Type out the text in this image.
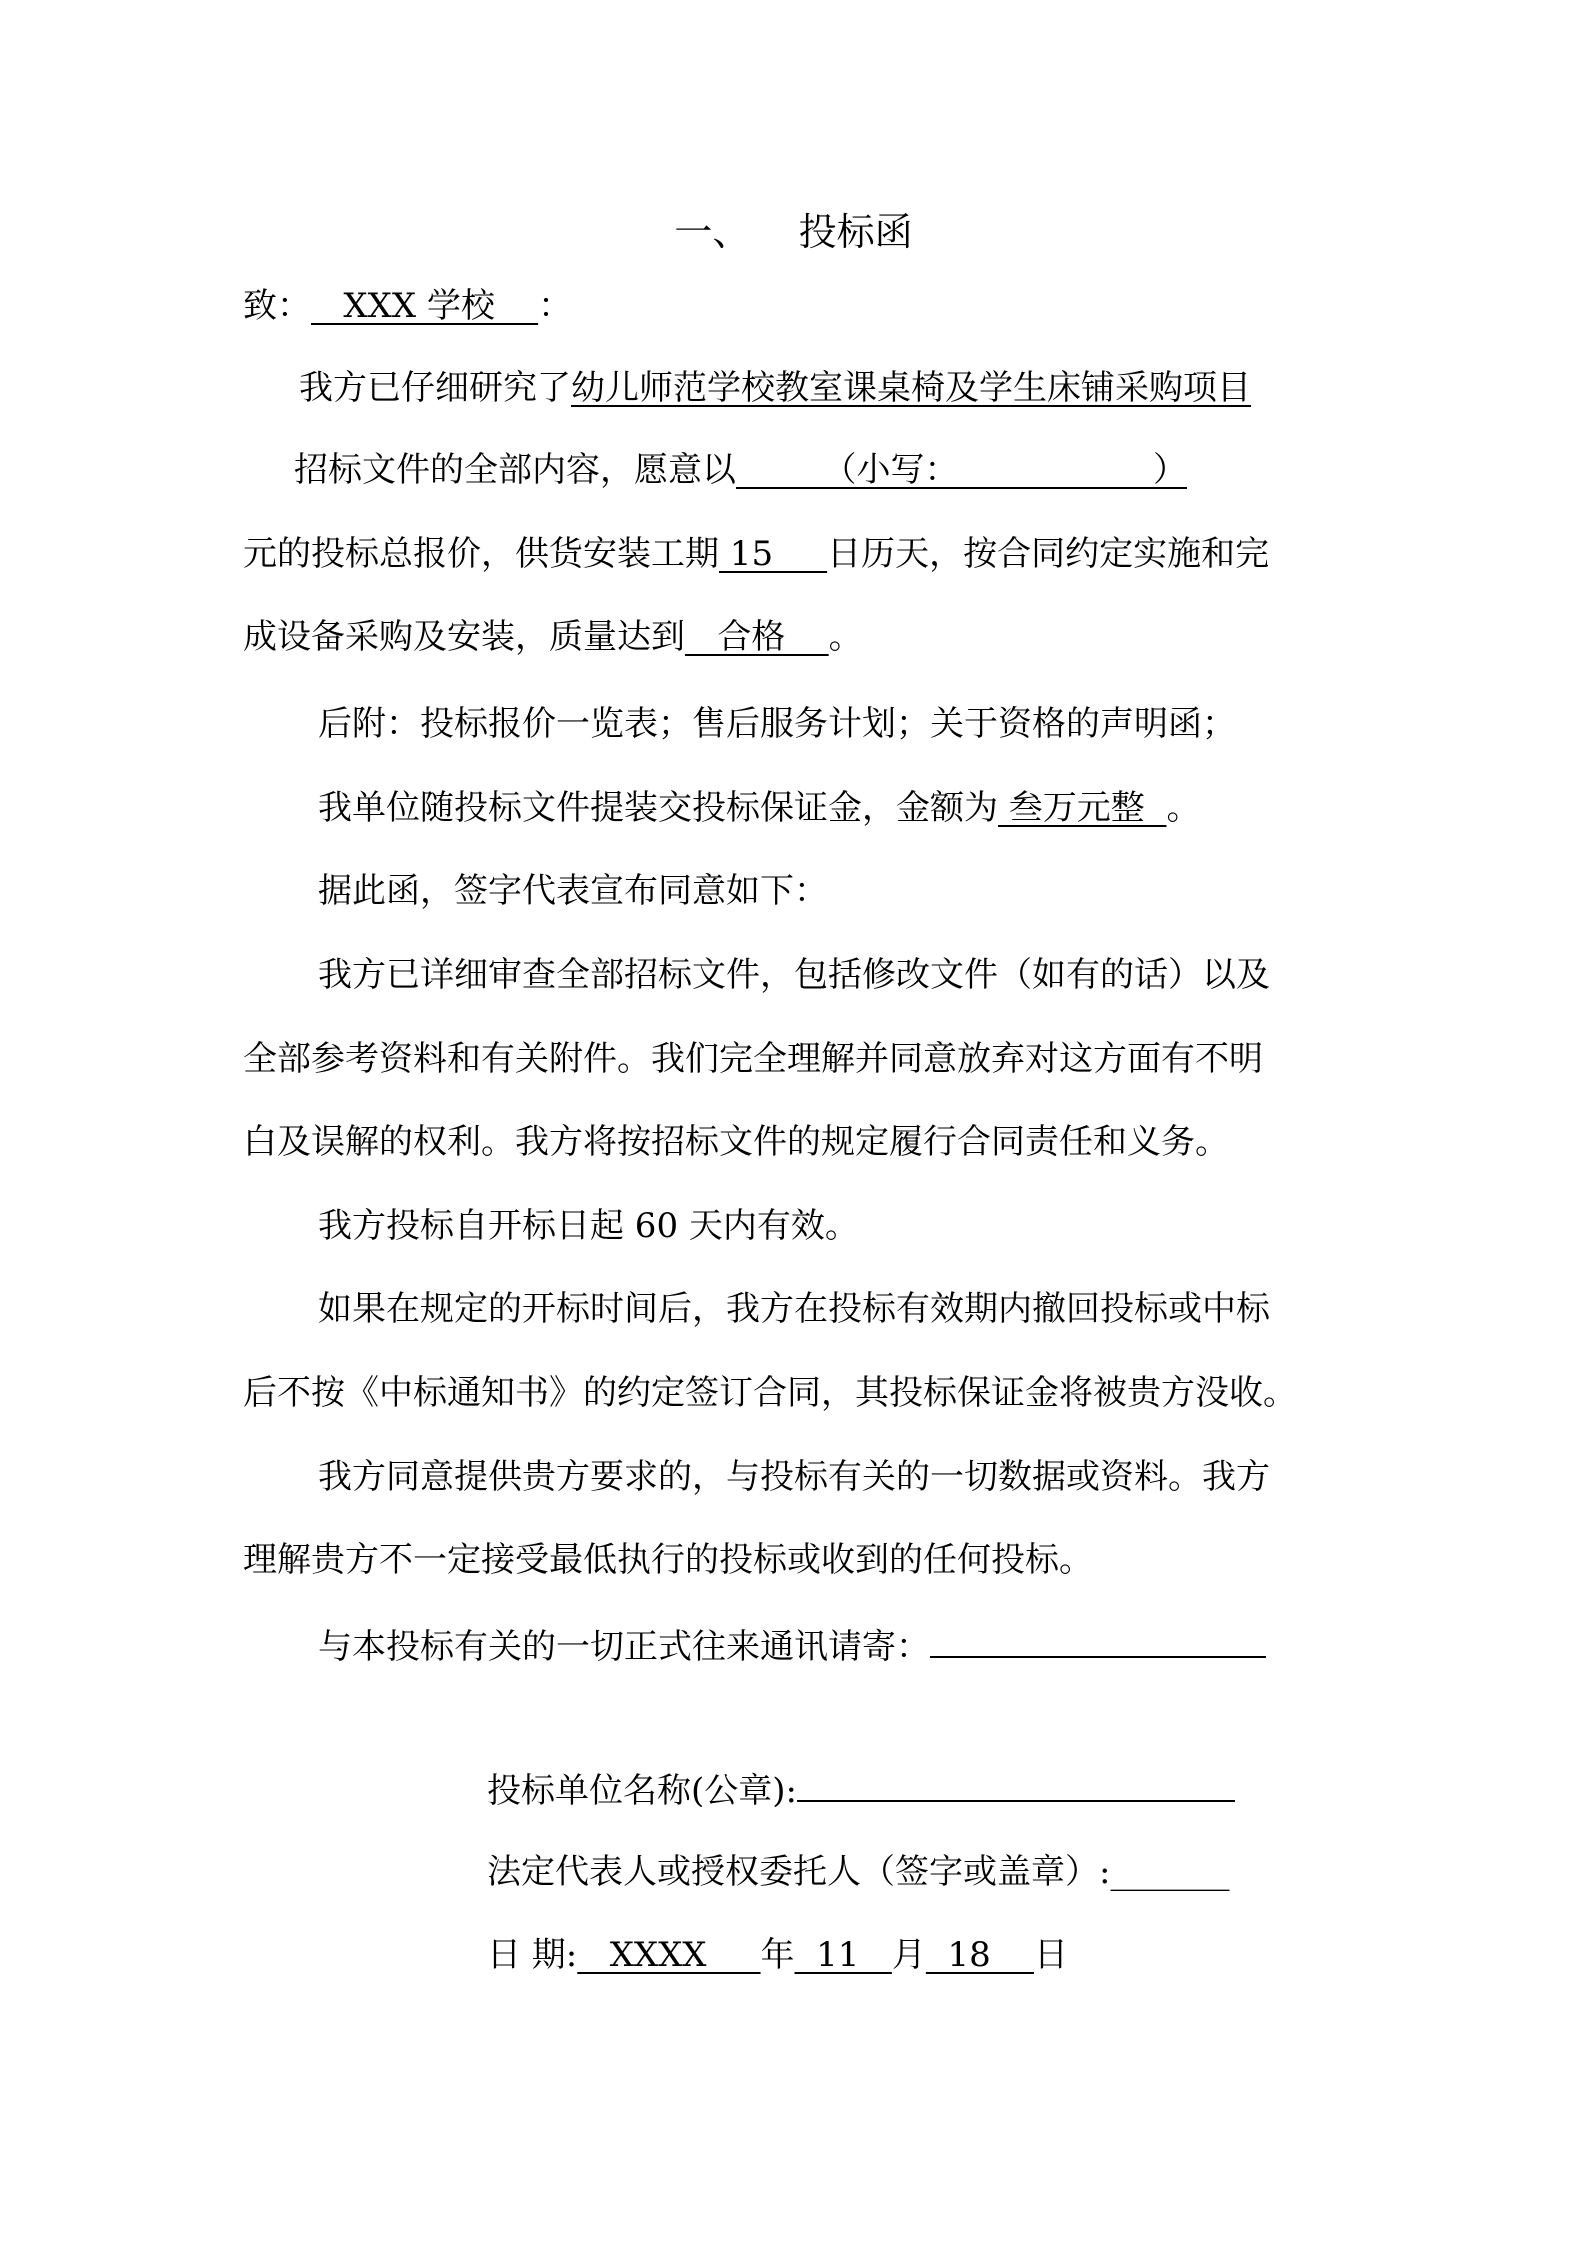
一、    投标函
致：   XXX 学校    ：
我方已仔细研究了幼儿师范学校教室课桌椅及学生床铺采购项目
招标文件的全部内容，愿意以        （小写：                  ）
元的投标总报价，供货安装工期 15     日历天，按合同约定实施和完
成设备采购及安装，质量达到   合格    。
后附：投标报价一览表；售后服务计划；关于资格的声明函；
我单位随投标文件提装交投标保证金，金额为 叁万元整  。
据此函，签字代表宣布同意如下：
我方已详细审查全部招标文件，包括修改文件（如有的话）以及
全部参考资料和有关附件。我们完全理解并同意放弃对这方面有不明
白及误解的权利。我方将按招标文件的规定履行合同责任和义务。
我方投标自开标日起 60 天内有效。
如果在规定的开标时间后，我方在投标有效期内撤回投标或中标
后不按《中标通知书》的约定签订合同，其投标保证金将被贵方没收。
我方同意提供贵方要求的，与投标有关的一切数据或资料。我方
理解贵方不一定接受最低执行的投标或收到的任何投标。
与本投标有关的一切正式往来通讯请寄：
投标单位名称(公章):
法定代表人或授权委托人（签字或盖章）:_______
日 期:   XXXX     年  11   月  18    日
